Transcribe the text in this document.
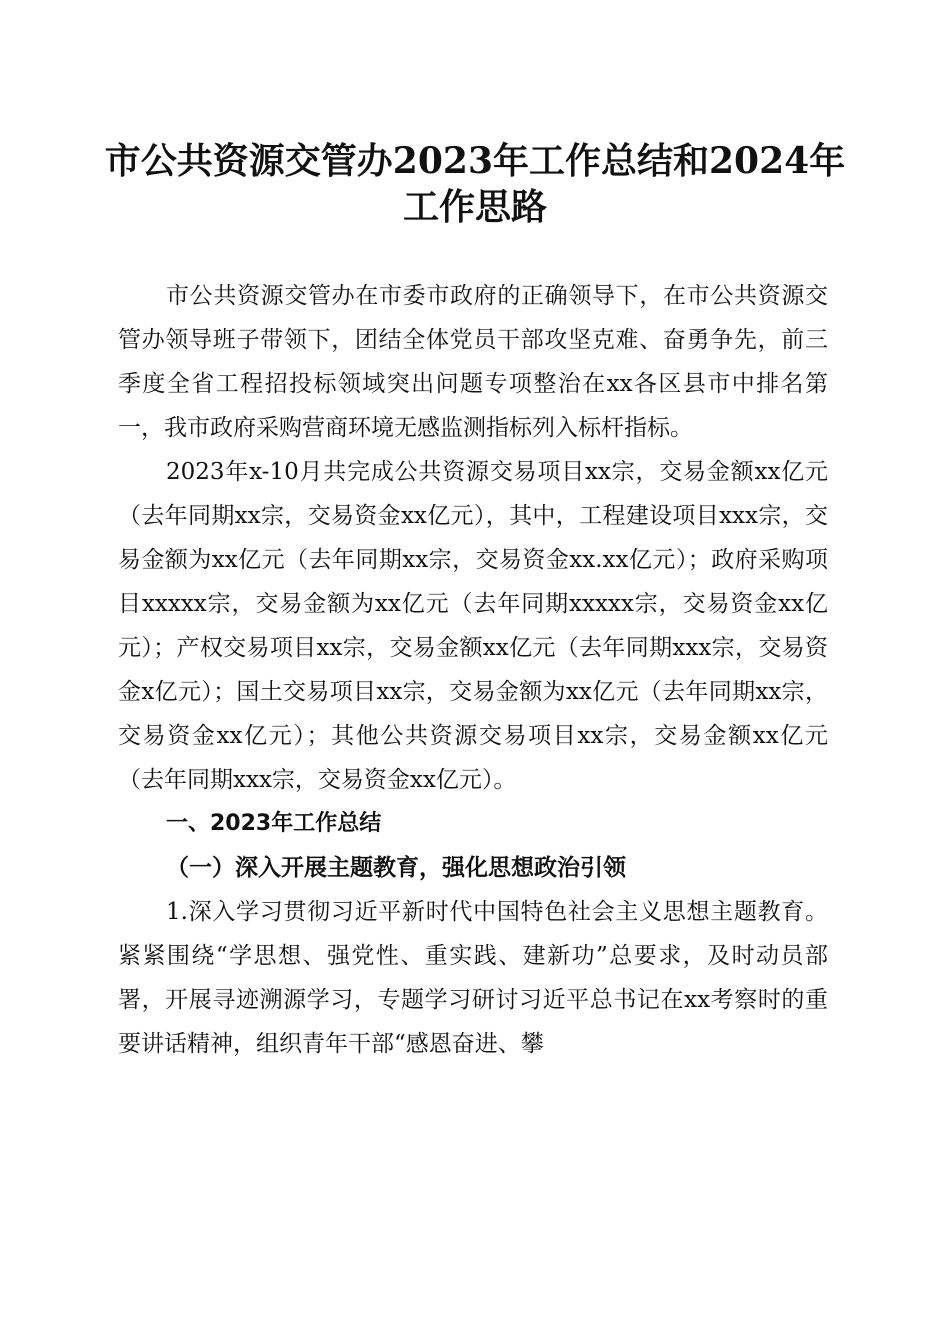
市公共资源交管办2023年工作总结和2024年
工作思路

市公共资源交管办在市委市政府的正确领导下，在市公共资源交管办领导班子带领下，团结全体党员干部攻坚克难、奋勇争先，前三季度全省工程招投标领域突出问题专项整治在xx各区县市中排名第一，我市政府采购营商环境无感监测指标列入标杆指标。

2023年x-10月共完成公共资源交易项目xx宗，交易金额xx亿元（去年同期xx宗，交易资金xx亿元），其中，工程建设项目xxx宗，交易金额为xx亿元（去年同期xx宗，交易资金xx.xx亿元）；政府采购项目xxxxx宗，交易金额为xx亿元（去年同期xxxxx宗，交易资金xx亿元）；产权交易项目xx宗，交易金额xx亿元（去年同期xxx宗，交易资金x亿元）；国土交易项目xx宗，交易金额为xx亿元（去年同期xx宗，交易资金xx亿元）；其他公共资源交易项目xx宗，交易金额xx亿元（去年同期xxx宗，交易资金xx亿元）。

一、2023年工作总结

（一）深入开展主题教育，强化思想政治引领

1.深入学习贯彻习近平新时代中国特色社会主义思想主题教育。紧紧围绕“学思想、强党性、重实践、建新功”总要求，及时动员部署，开展寻迹溯源学习，专题学习研讨习近平总书记在xx考察时的重要讲话精神，组织青年干部“感恩奋进、攀
